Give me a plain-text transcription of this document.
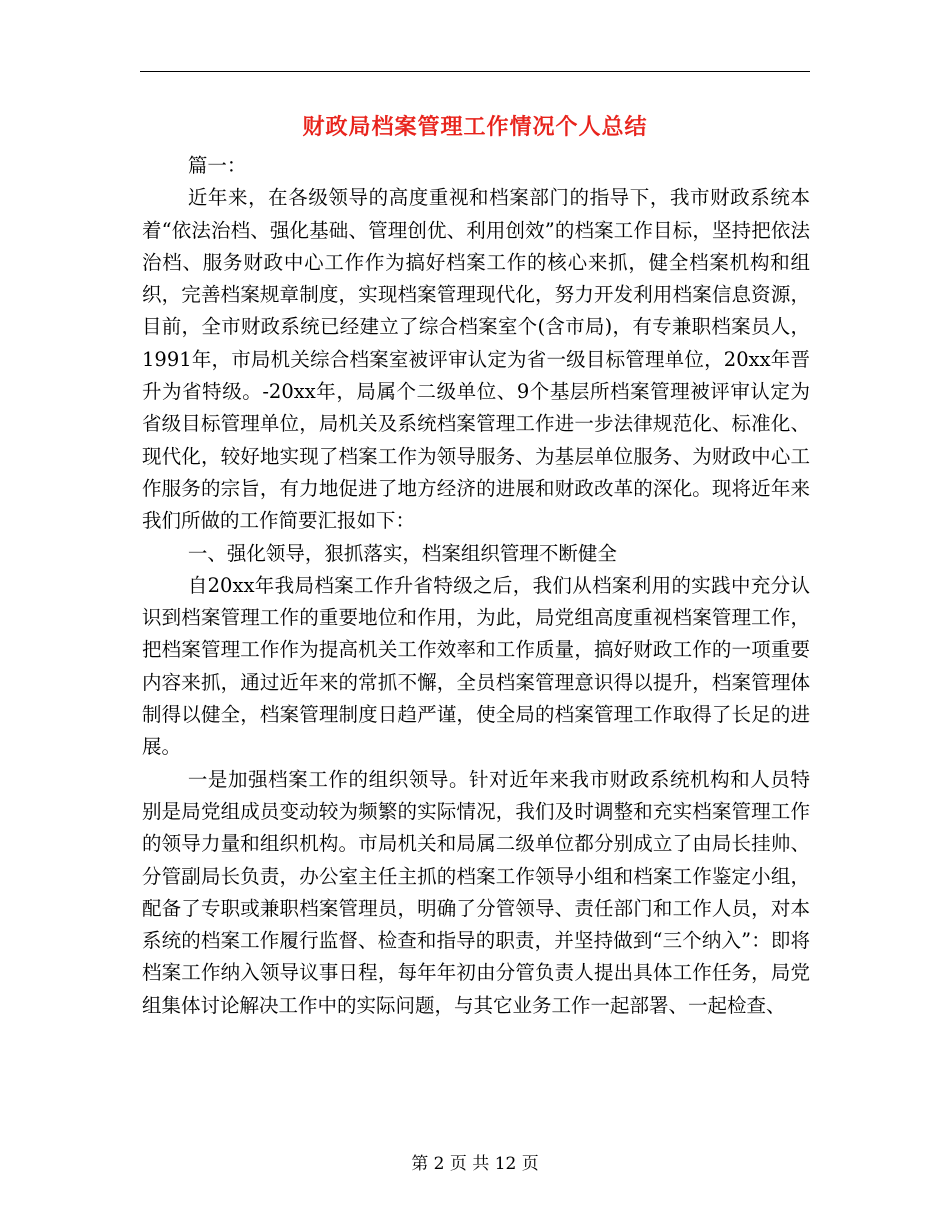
财政局档案管理工作情况个人总结

篇一：

近年来，在各级领导的高度重视和档案部门的指导下，我市财政系统本着“依法治档、强化基础、管理创优、利用创效”的档案工作目标，坚持把依法治档、服务财政中心工作作为搞好档案工作的核心来抓，健全档案机构和组织，完善档案规章制度，实现档案管理现代化，努力开发利用档案信息资源，目前，全市财政系统已经建立了综合档案室个(含市局)，有专兼职档案员人，1991年，市局机关综合档案室被评审认定为省一级目标管理单位，20xx年晋升为省特级。-20xx年，局属个二级单位、9个基层所档案管理被评审认定为省级目标管理单位，局机关及系统档案管理工作进一步法律规范化、标准化、现代化，较好地实现了档案工作为领导服务、为基层单位服务、为财政中心工作服务的宗旨，有力地促进了地方经济的进展和财政改革的深化。现将近年来我们所做的工作简要汇报如下：

一、强化领导，狠抓落实，档案组织管理不断健全

自20xx年我局档案工作升省特级之后，我们从档案利用的实践中充分认识到档案管理工作的重要地位和作用，为此，局党组高度重视档案管理工作，把档案管理工作作为提高机关工作效率和工作质量，搞好财政工作的一项重要内容来抓，通过近年来的常抓不懈，全员档案管理意识得以提升，档案管理体制得以健全，档案管理制度日趋严谨，使全局的档案管理工作取得了长足的进展。

一是加强档案工作的组织领导。针对近年来我市财政系统机构和人员特别是局党组成员变动较为频繁的实际情况，我们及时调整和充实档案管理工作的领导力量和组织机构。市局机关和局属二级单位都分别成立了由局长挂帅、分管副局长负责，办公室主任主抓的档案工作领导小组和档案工作鉴定小组，配备了专职或兼职档案管理员，明确了分管领导、责任部门和工作人员，对本系统的档案工作履行监督、检查和指导的职责，并坚持做到“三个纳入”：即将档案工作纳入领导议事日程，每年年初由分管负责人提出具体工作任务，局党组集体讨论解决工作中的实际问题，与其它业务工作一起部署、一起检查、

第 2 页 共 12 页
